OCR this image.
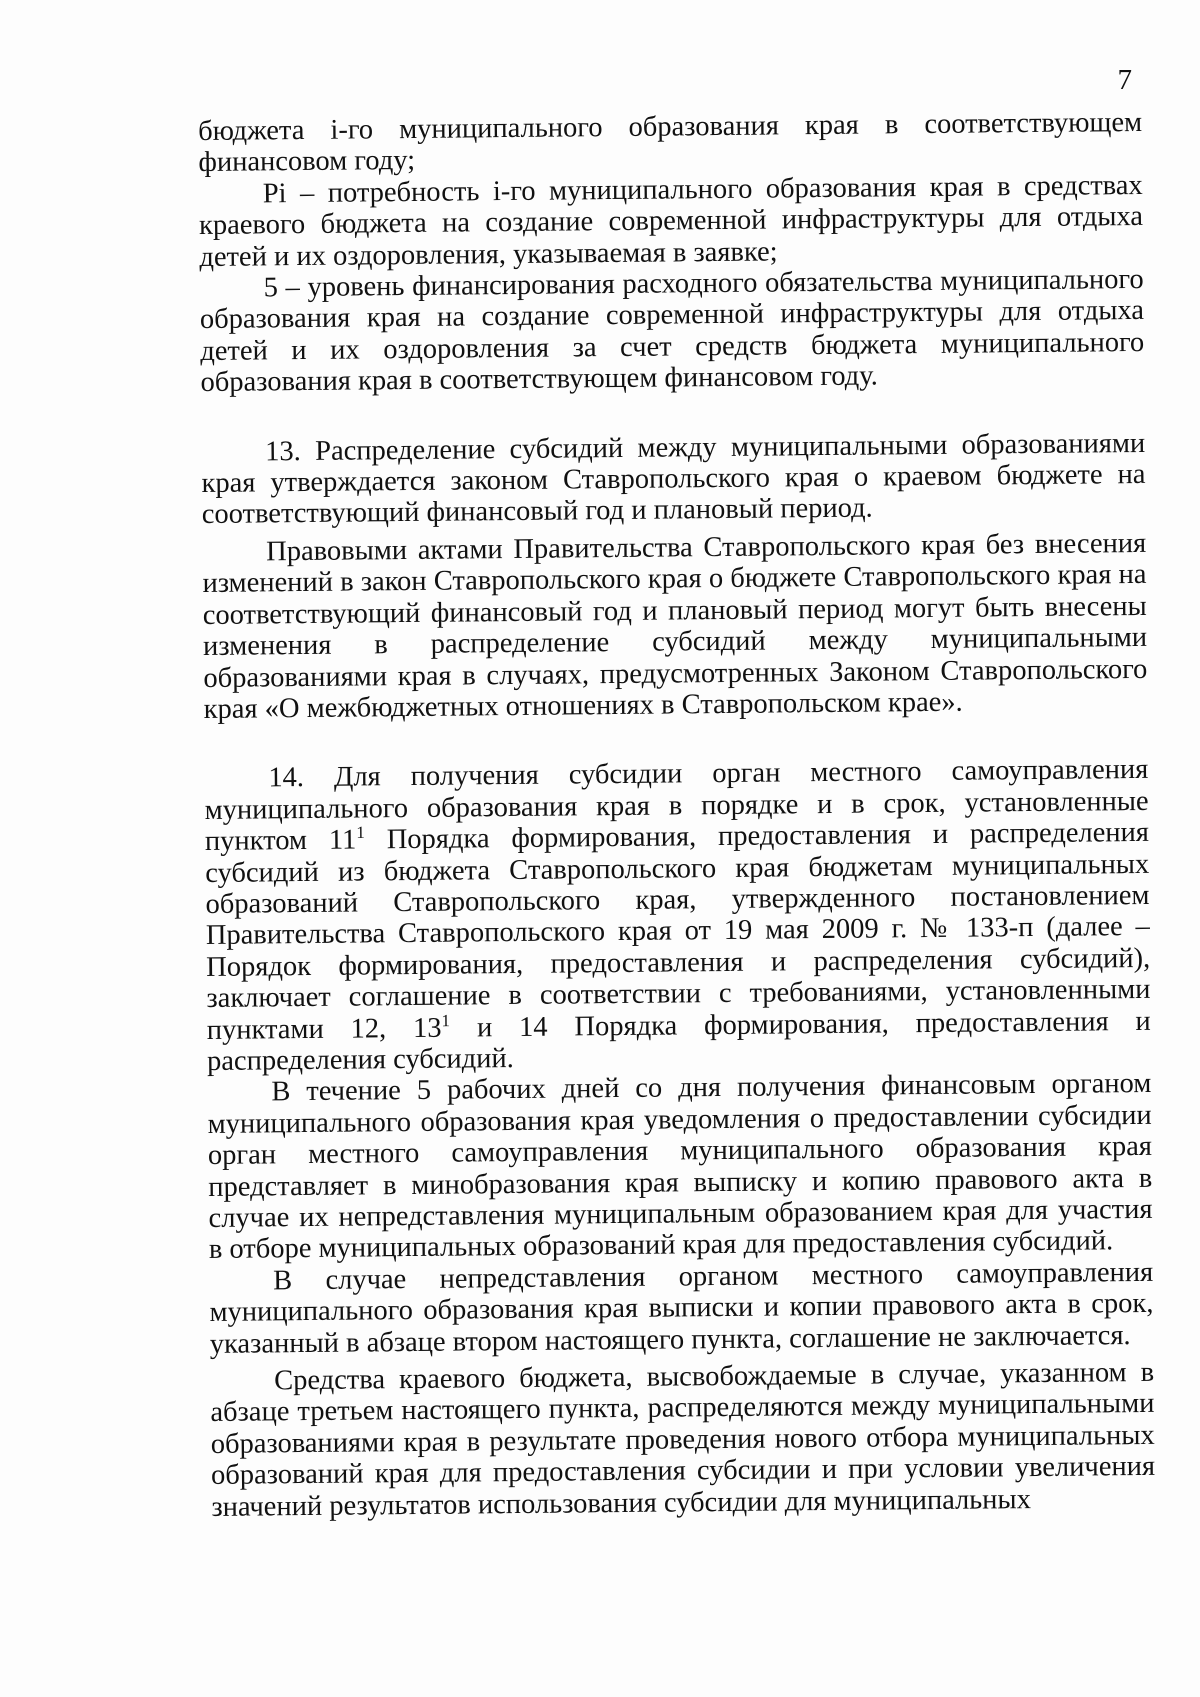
7

бюджета i-го муниципального образования края в соответствующем финансовом году;

Pi – потребность i-го муниципального образования края в средствах краевого бюджета на создание современной инфраструктуры для отдыха детей и их оздоровления, указываемая в заявке;

5 – уровень финансирования расходного обязательства муниципального образования края на создание современной инфраструктуры для отдыха детей и их оздоровления за счет средств бюджета муниципального образования края в соответствующем финансовом году.

13. Распределение субсидий между муниципальными образованиями края утверждается законом Ставропольского края о краевом бюджете на соответствующий финансовый год и плановый период.

Правовыми актами Правительства Ставропольского края без внесения изменений в закон Ставропольского края о бюджете Ставропольского края на соответствующий финансовый год и плановый период могут быть внесены изменения в распределение субсидий между муниципальными образованиями края в случаях, предусмотренных Законом Ставропольского края «О межбюджетных отношениях в Ставропольском крае».

14. Для получения субсидии орган местного самоуправления муниципального образования края в порядке и в срок, установленные пунктом $11^1$ Порядка формирования, предоставления и распределения субсидий из бюджета Ставропольского края бюджетам муниципальных образований Ставропольского края, утвержденного постановлением Правительства Ставропольского края от 19 мая 2009 г. № 133-п (далее – Порядок формирования, предоставления и распределения субсидий), заключает соглашение в соответствии с требованиями, установленными пунктами 12, $13^1$ и 14 Порядка формирования, предоставления и распределения субсидий.

В течение 5 рабочих дней со дня получения финансовым органом муниципального образования края уведомления о предоставлении субсидии орган местного самоуправления муниципального образования края представляет в минобразования края выписку и копию правового акта в случае их непредставления муниципальным образованием края для участия в отборе муниципальных образований края для предоставления субсидий.

В случае непредставления органом местного самоуправления муниципального образования края выписки и копии правового акта в срок, указанный в абзаце втором настоящего пункта, соглашение не заключается.

Средства краевого бюджета, высвобождаемые в случае, указанном в абзаце третьем настоящего пункта, распределяются между муниципальными образованиями края в результате проведения нового отбора муниципальных образований края для предоставления субсидии и при условии увеличения значений результатов использования субсидии для муниципальных
